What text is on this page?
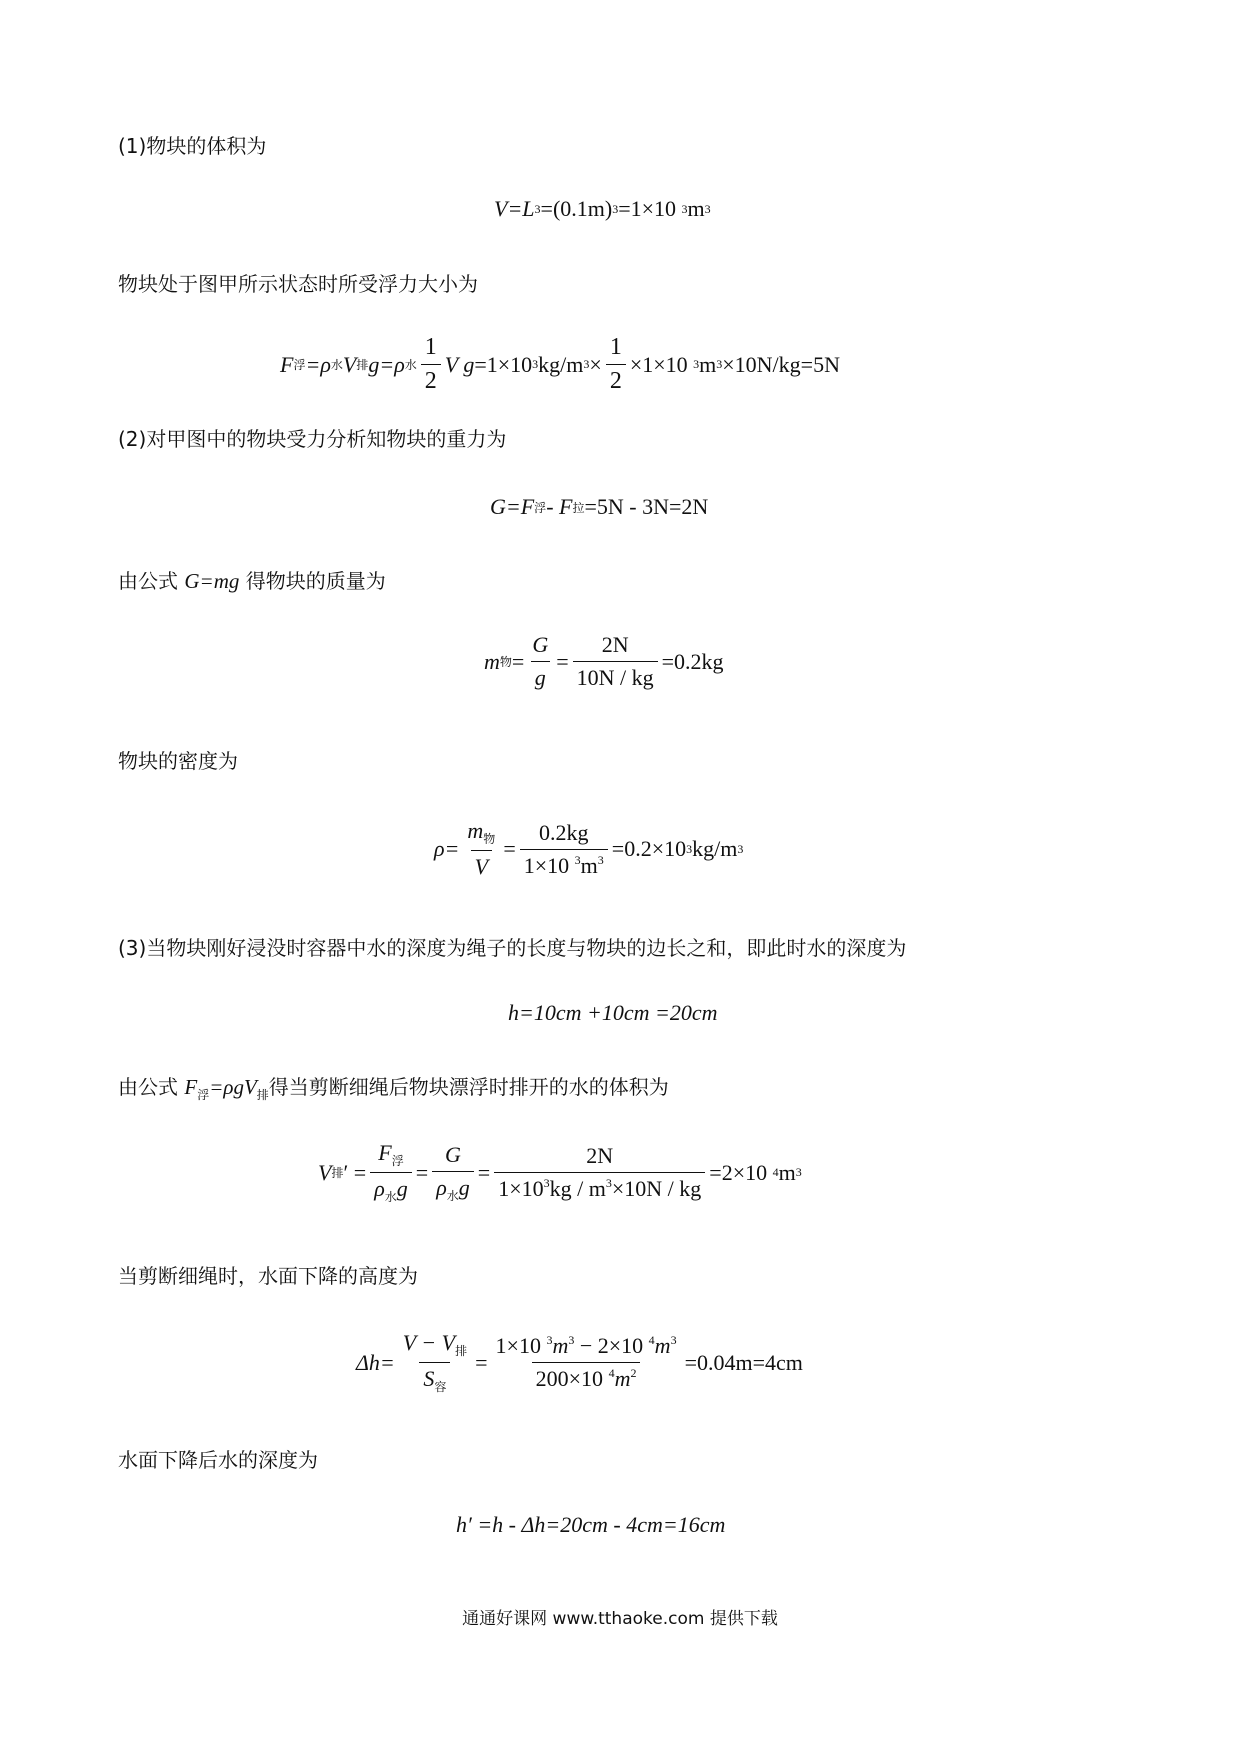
(1)物块的体积为
V=L 3 =(0.1m) 3 =1×10
3 m 3
物块处于图甲所示状态时所受浮力大小为
F 浮 =ρ 水 V 排 g=ρ 水 $\frac{1}{2}$ V g =1×10 3 kg/m $3 \times \frac{1}{2} \times 1\times 10$
3 m 3 ×10N/kg=5N
(2)对甲图中的物块受力分析知物块的重力为
G=F 浮 - F 拉 =5N - 3N=2N
由公式 G=mg 得物块的质量为
m 物 = $\frac{G}{g} = \frac{2N}{10N / kg} =0.2kg$
物块的密度为
$\rho= \frac{m_物}{V} = \frac{0.2kg}{1\times 10 ^3m^3} =0.2\times 10$ 3 kg/m 3
(3)当物块刚好浸没时容器中水的深度为绳子的长度与物块的边长之和，即此时水的深度为
h=10cm +10cm =20cm
由公式 $F_浮=\rho gV_排$得当剪断细绳后物块漂浮时排开的水的体积为
V 排 ′ = $\frac{F_浮}{\rho_水g} = \frac{G}{\rho_水g} = \frac{2N}{1\times 10^3kg / m^3\times 10N / kg} =2\times 10$
4 m 3
当剪断细绳时，水面下降的高度为
$\Delta h= \frac{V - V_排}{S_容} = \frac{1\times 10 ^3m^3 - 2\times 10 ^4m^3}{200\times 10 ^4m^2} =0.04m=4cm$
水面下降后水的深度为
h′ =h - Δh=20cm - 4cm=16cm
通通好课网 www.tthaoke.com 提供下载
